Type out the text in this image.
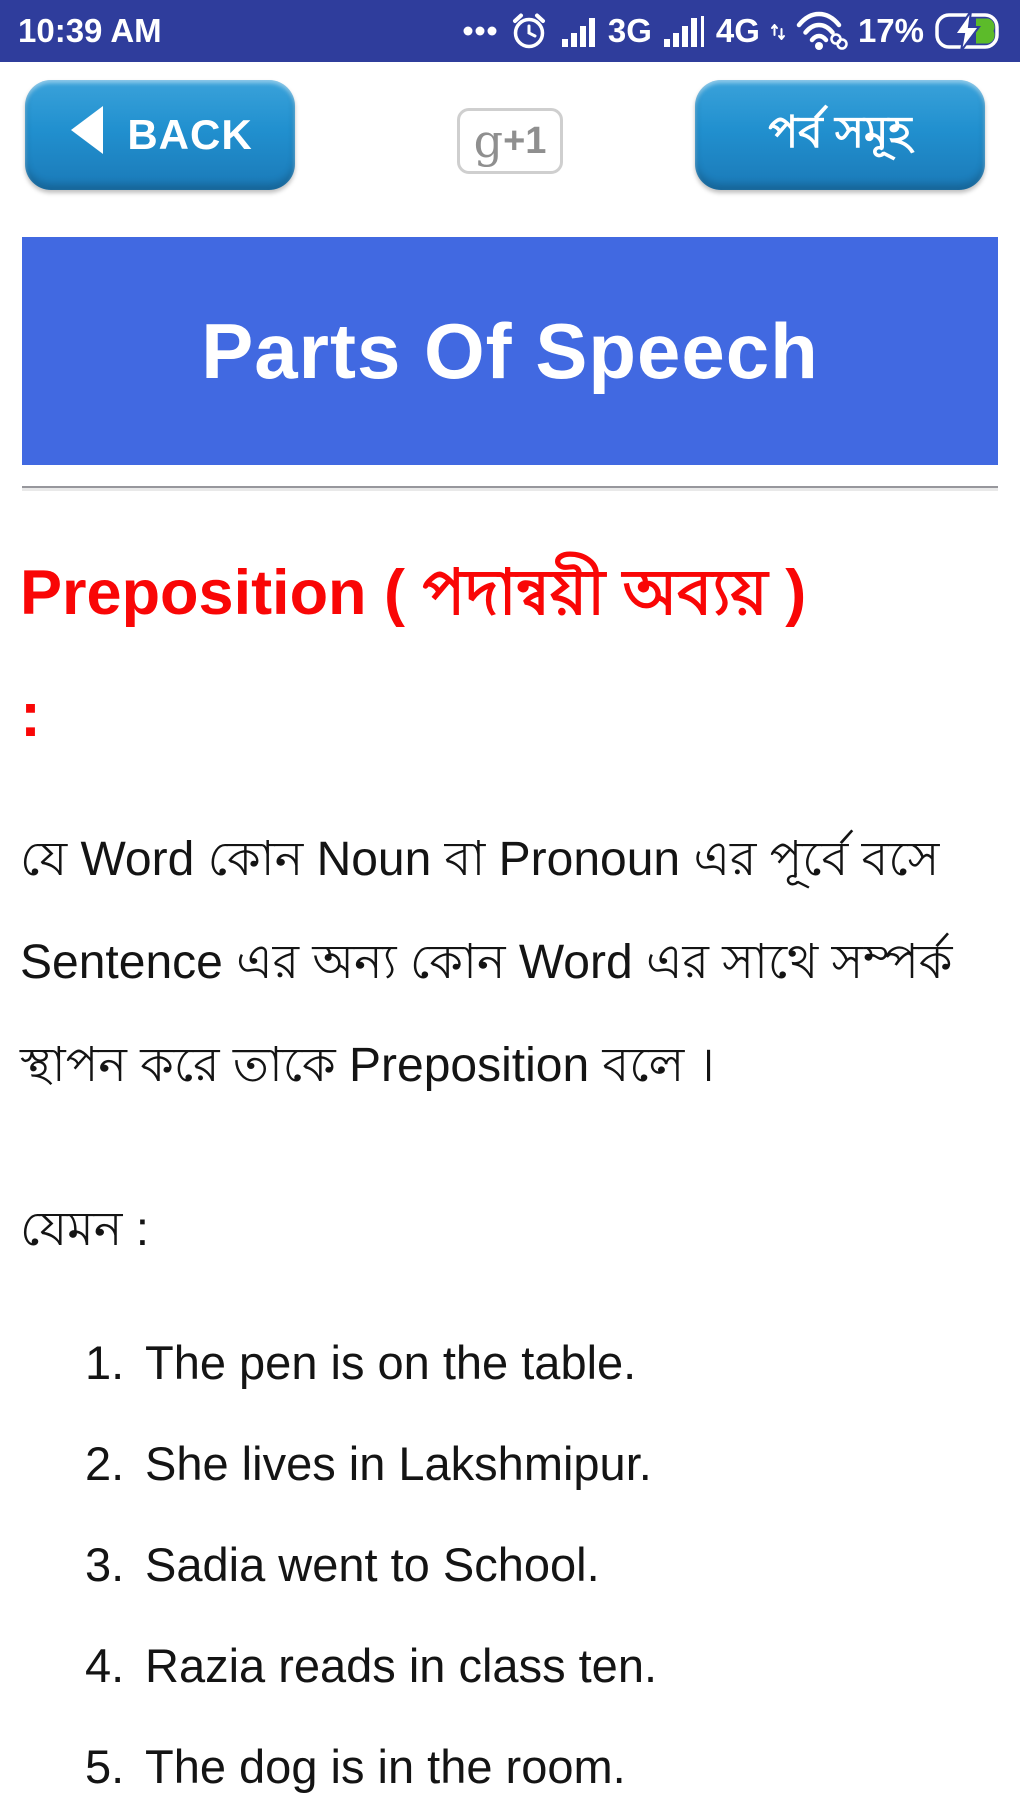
10:39 AM	3G 4G	17%
BACK	g +1	পর্ব সমূহ
Parts Of Speech
Preposition ( পদান্বয়ী অব্যয় )
:
যে Word কোন Noun বা Pronoun এর পূর্বে বসে
Sentence এর অন্য কোন Word এর সাথে সম্পর্ক
স্থাপন করে তাকে Preposition বলে ।
যেমন :
1. The pen is on the table.
2. She lives in Lakshmipur.
3. Sadia went to School.
4. Razia reads in class ten.
5. The dog is in the room.
